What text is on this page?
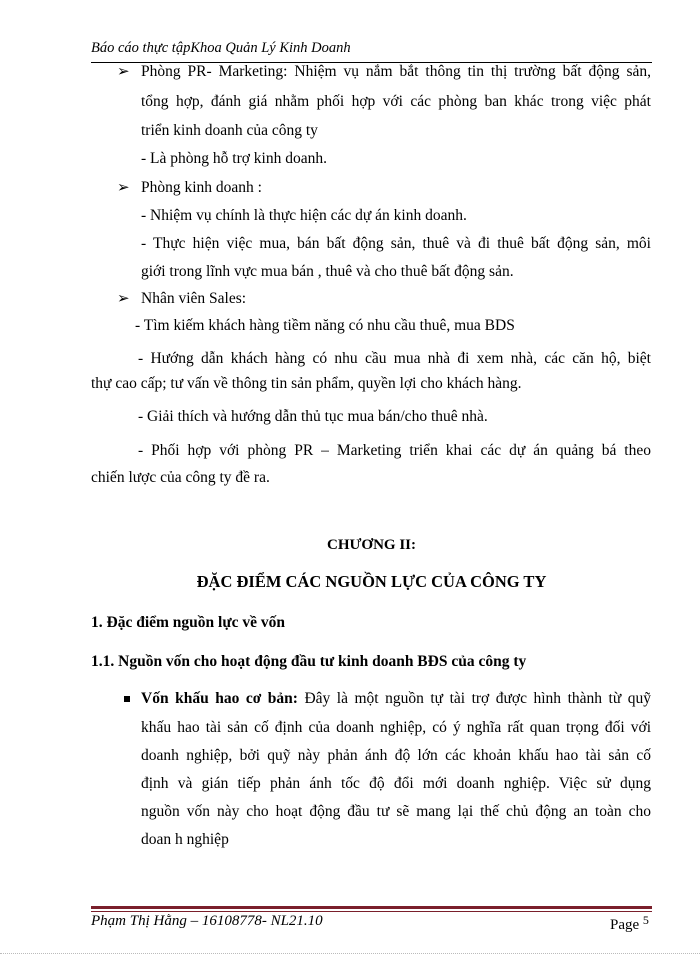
Báo cáo thực tậpKhoa Quản Lý Kinh Doanh
➢ Phòng PR- Marketing: Nhiệm vụ nắm bắt thông tin thị trường bất động sản,
tổng hợp, đánh giá nhằm phối hợp với các phòng ban khác trong việc phát
triển kinh doanh của công ty
- Là phòng hỗ trợ kinh doanh.
➢ Phòng kinh doanh :
- Nhiệm vụ chính là thực hiện các dự án kinh doanh.
- Thực hiện việc mua, bán bất động sản, thuê và đi thuê bất động sản, môi
giới trong lĩnh vực mua bán , thuê và cho thuê bất động sản.
➢ Nhân viên Sales:
- Tìm kiếm khách hàng tiềm năng có nhu cầu thuê, mua BDS
- Hướng dẫn khách hàng có nhu cầu mua nhà đi xem nhà, các căn hộ, biệt
thự cao cấp; tư vấn về thông tin sản phẩm, quyền lợi cho khách hàng.
- Giải thích và hướng dẫn thủ tục mua bán/cho thuê nhà.
- Phối hợp với phòng PR – Marketing triển khai các dự án quảng bá theo
chiến lược của công ty đề ra.
CHƯƠNG II:
ĐẶC ĐIỂM CÁC NGUỒN LỰC CỦA CÔNG TY
1. Đặc điểm nguồn lực về vốn
1.1. Nguồn vốn cho hoạt động đầu tư kinh doanh BĐS của công ty
Vốn khấu hao cơ bản: Đây là một nguồn tự tài trợ được hình thành từ quỹ
khấu hao tài sản cố định của doanh nghiệp, có ý nghĩa rất quan trọng đối với
doanh nghiệp, bởi quỹ này phản ánh độ lớn các khoản khấu hao tài sản cố
định và gián tiếp phản ánh tốc độ đổi mới doanh nghiệp. Việc sử dụng
nguồn vốn này cho hoạt động đầu tư sẽ mang lại thế chủ động an toàn cho
doan h nghiệp
Phạm Thị Hằng – 16108778- NL21.10	Page $^5$
